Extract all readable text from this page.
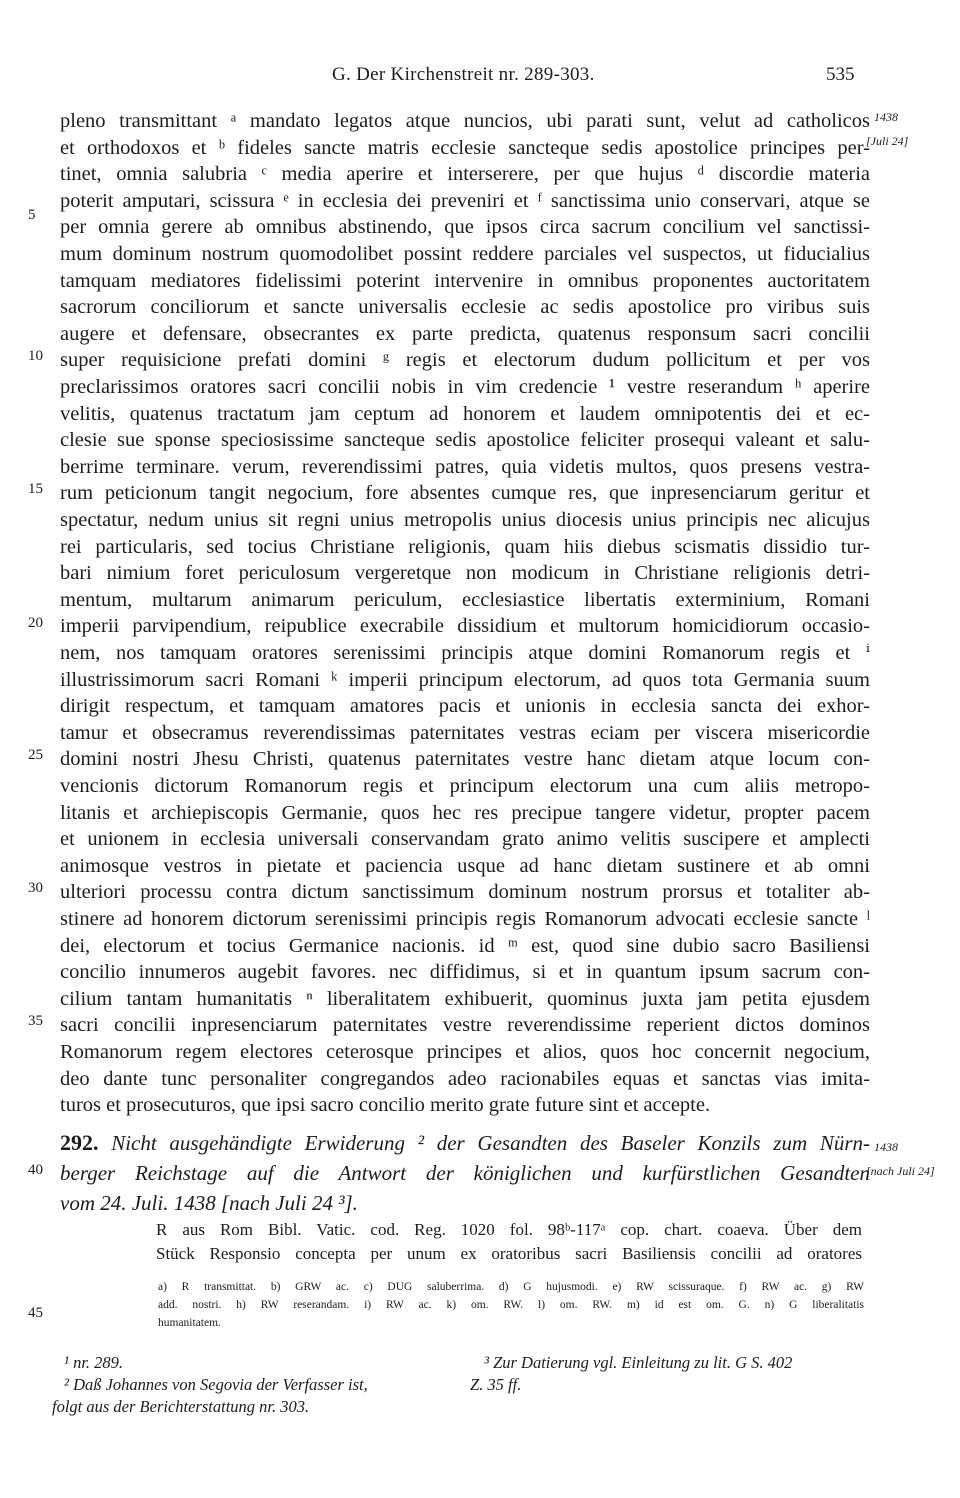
G. Der Kirchenstreit nr. 289-303.	535
1438
[Juli 24]
5
10
15
20
25
30
35
40
45
pleno transmittant ᵃ mandato legatos atque nuncios, ubi parati sunt, velut ad catholicos
et orthodoxos et ᵇ fideles sancte matris ecclesie sancteque sedis apostolice principes per-
tinet, omnia salubria ᶜ media aperire et interserere, per que hujus ᵈ discordie materia
poterit amputari, scissura ᵉ in ecclesia dei preveniri et ᶠ sanctissima unio conservari, atque se
per omnia gerere ab omnibus abstinendo, que ipsos circa sacrum concilium vel sanctissi-
mum dominum nostrum quomodolibet possint reddere parciales vel suspectos, ut fiducialius
tamquam mediatores fidelissimi poterint intervenire in omnibus proponentes auctoritatem
sacrorum conciliorum et sancte universalis ecclesie ac sedis apostolice pro viribus suis
augere et defensare, obsecrantes ex parte predicta, quatenus responsum sacri concilii
super requisicione prefati domini ᵍ regis et electorum dudum pollicitum et per vos
preclarissimos oratores sacri concilii nobis in vim credencie ¹ vestre reserandum ʰ aperire
velitis, quatenus tractatum jam ceptum ad honorem et laudem omnipotentis dei et ec-
clesie sue sponse speciosissime sancteque sedis apostolice feliciter prosequi valeant et salu-
berrime terminare. verum, reverendissimi patres, quia videtis multos, quos presens vestra-
rum peticionum tangit negocium, fore absentes cumque res, que inpresenciarum geritur et
spectatur, nedum unius sit regni unius metropolis unius diocesis unius principis nec alicujus
rei particularis, sed tocius Christiane religionis, quam hiis diebus scismatis dissidio tur-
bari nimium foret periculosum vergeretque non modicum in Christiane religionis detri-
mentum, multarum animarum periculum, ecclesiastice libertatis exterminium, Romani
imperii parvipendium, reipublice execrabile dissidium et multorum homicidiorum occasio-
nem, nos tamquam oratores serenissimi principis atque domini Romanorum regis et ⁱ
illustrissimorum sacri Romani ᵏ imperii principum electorum, ad quos tota Germania suum
dirigit respectum, et tamquam amatores pacis et unionis in ecclesia sancta dei exhor-
tamur et obsecramus reverendissimas paternitates vestras eciam per viscera misericordie
domini nostri Jhesu Christi, quatenus paternitates vestre hanc dietam atque locum con-
vencionis dictorum Romanorum regis et principum electorum una cum aliis metropo-
litanis et archiepiscopis Germanie, quos hec res precipue tangere videtur, propter pacem
et unionem in ecclesia universali conservandam grato animo velitis suscipere et amplecti
animosque vestros in pietate et paciencia usque ad hanc dietam sustinere et ab omni
ulteriori processu contra dictum sanctissimum dominum nostrum prorsus et totaliter ab-
stinere ad honorem dictorum serenissimi principis regis Romanorum advocati ecclesie sancte ˡ
dei, electorum et tocius Germanice nacionis. id ᵐ est, quod sine dubio sacro Basiliensi
concilio innumeros augebit favores. nec diffidimus, si et in quantum ipsum sacrum con-
cilium tantam humanitatis ⁿ liberalitatem exhibuerit, quominus juxta jam petita ejusdem
sacri concilii inpresenciarum paternitates vestre reverendissime reperient dictos dominos
Romanorum regem electores ceterosque principes et alios, quos hoc concernit negocium,
deo dante tunc personaliter congregandos adeo racionabiles equas et sanctas vias imita-
turos et prosecuturos, que ipsi sacro concilio merito grate future sint et accepte.
1438
[nach Juli 24]
292. Nicht ausgehändigte Erwiderung ² der Gesandten des Baseler Konzils zum Nürn-
berger Reichstage auf die Antwort der königlichen und kurfürstlichen Gesandten
vom 24. Juli. 1438 [nach Juli 24 ³].
R aus Rom Bibl. Vatic. cod. Reg. 1020 fol. 98ᵇ-117ᵃ cop. chart. coaeva. Über dem
Stück Responsio concepta per unum ex oratoribus sacri Basiliensis concilii ad oratores
a) R transmittat. b) GRW ac. c) DUG saluberrima. d) G hujusmodi. e) RW scissuraque. f) RW ac. g) RW
add. nostri. h) RW reserandam. i) RW ac. k) om. RW. l) om. RW. m) id est om. G. n) G liberalitatis
humanitatem.
¹ nr. 289.
² Daß Johannes von Segovia der Verfasser ist,
folgt aus der Berichterstattung nr. 303.
³ Zur Datierung vgl. Einleitung zu lit. G S. 402
Z. 35 ff.
